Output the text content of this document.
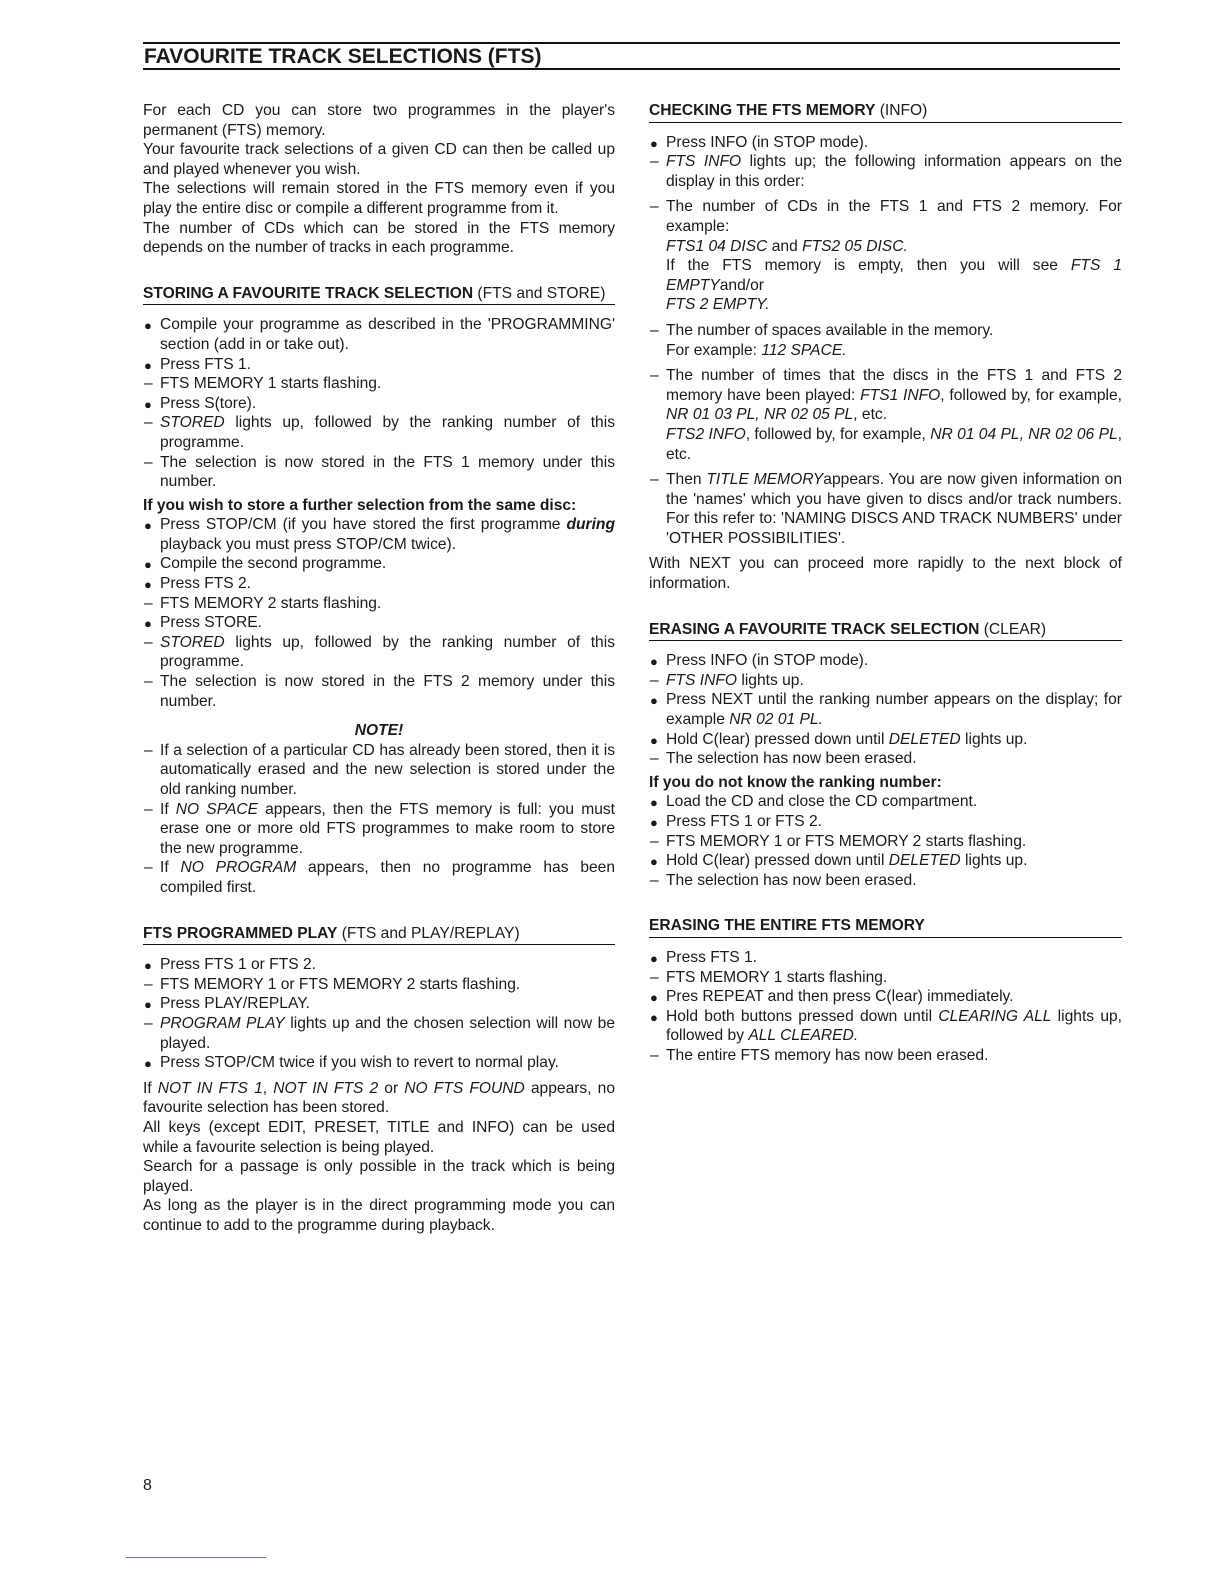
FAVOURITE TRACK SELECTIONS (FTS)

For each CD you can store two programmes in the player's permanent (FTS) memory.

Your favourite track selections of a given CD can then be called up and played whenever you wish.

The selections will remain stored in the FTS memory even if you play the entire disc or compile a different programme from it.

The number of CDs which can be stored in the FTS memory depends on the number of tracks in each programme.

STORING A FAVOURITE TRACK SELECTION (FTS and STORE)
● Compile your programme as described in the 'PROGRAMMING' section (add in or take out).
● Press FTS 1.
– FTS MEMORY 1 starts flashing.
● Press S(tore).
– STORED lights up, followed by the ranking number of this programme.
– The selection is now stored in the FTS 1 memory under this number.
If you wish to store a further selection from the same disc:
● Press STOP/CM (if you have stored the first programme during playback you must press STOP/CM twice).
● Compile the second programme.
● Press FTS 2.
– FTS MEMORY 2 starts flashing.
● Press STORE.
– STORED lights up, followed by the ranking number of this programme.
– The selection is now stored in the FTS 2 memory under this number.
NOTE!
– If a selection of a particular CD has already been stored, then it is automatically erased and the new selection is stored under the old ranking number.
– If NO SPACE appears, then the FTS memory is full: you must erase one or more old FTS programmes to make room to store the new programme.
– If NO PROGRAM appears, then no programme has been compiled first.
FTS PROGRAMMED PLAY (FTS and PLAY/REPLAY)
● Press FTS 1 or FTS 2.
– FTS MEMORY 1 or FTS MEMORY 2 starts flashing.
● Press PLAY/REPLAY.
– PROGRAM PLAY lights up and the chosen selection will now be played.
● Press STOP/CM twice if you wish to revert to normal play.

If NOT IN FTS 1, NOT IN FTS 2 or NO FTS FOUND appears, no favourite selection has been stored.

All keys (except EDIT, PRESET, TITLE and INFO) can be used while a favourite selection is being played.

Search for a passage is only possible in the track which is being played.

As long as the player is in the direct programming mode you can continue to add to the programme during playback.

CHECKING THE FTS MEMORY (INFO)
● Press INFO (in STOP mode).
– FTS INFO lights up; the following information appears on the display in this order:
– The number of CDs in the FTS 1 and FTS 2 memory. For example:
FTS1 04 DISC and FTS2 05 DISC.
If the FTS memory is empty, then you will see FTS 1 EMPTYand/or
FTS 2 EMPTY.
– The number of spaces available in the memory.
For example: 112 SPACE.
– The number of times that the discs in the FTS 1 and FTS 2 memory have been played: FTS1 INFO, followed by, for example, NR 01 03 PL, NR 02 05 PL, etc.
FTS2 INFO, followed by, for example, NR 01 04 PL, NR 02 06 PL, etc.
– Then TITLE MEMORYappears. You are now given information on the 'names' which you have given to discs and/or track numbers. For this refer to: 'NAMING DISCS AND TRACK NUMBERS' under 'OTHER POSSIBILITIES'.

With NEXT you can proceed more rapidly to the next block of information.

ERASING A FAVOURITE TRACK SELECTION (CLEAR)
● Press INFO (in STOP mode).
– FTS INFO lights up.
● Press NEXT until the ranking number appears on the display; for example NR 02 01 PL.
● Hold C(lear) pressed down until DELETED lights up.
– The selection has now been erased.
If you do not know the ranking number:
● Load the CD and close the CD compartment.
● Press FTS 1 or FTS 2.
– FTS MEMORY 1 or FTS MEMORY 2 starts flashing.
● Hold C(lear) pressed down until DELETED lights up.
– The selection has now been erased.
ERASING THE ENTIRE FTS MEMORY
● Press FTS 1.
– FTS MEMORY 1 starts flashing.
● Pres REPEAT and then press C(lear) immediately.
● Hold both buttons pressed down until CLEARING ALL lights up, followed by ALL CLEARED.
– The entire FTS memory has now been erased.
8
